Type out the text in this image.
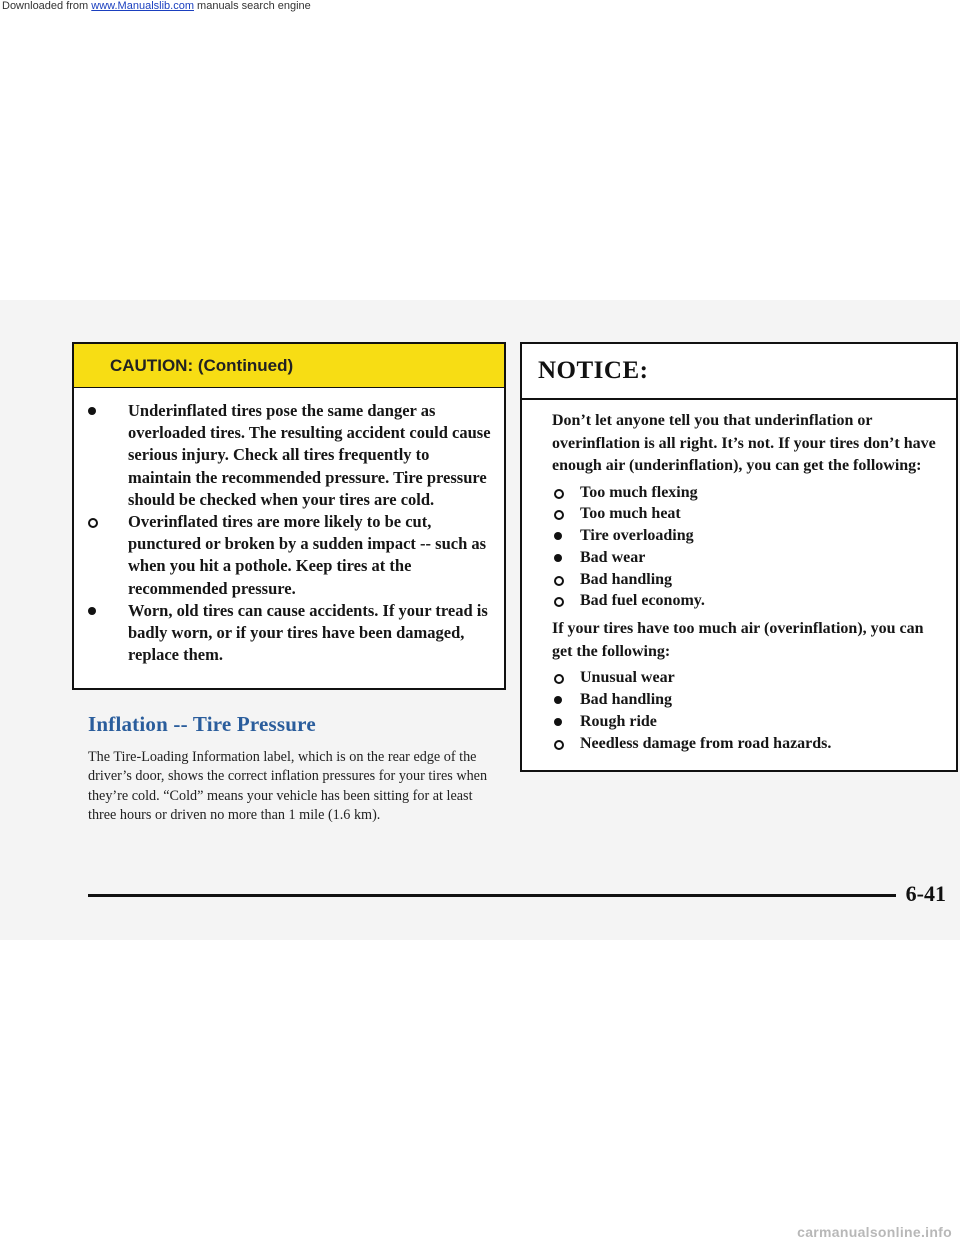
Downloaded from www.Manualslib.com manuals search engine
CAUTION: (Continued)
Underinflated tires pose the same danger as overloaded tires. The resulting accident could cause serious injury. Check all tires frequently to maintain the recommended pressure. Tire pressure should be checked when your tires are cold.
Overinflated tires are more likely to be cut, punctured or broken by a sudden impact -- such as when you hit a pothole. Keep tires at the recommended pressure.
Worn, old tires can cause accidents. If your tread is badly worn, or if your tires have been damaged, replace them.
Inflation -- Tire Pressure

The Tire-Loading Information label, which is on the rear edge of the driver’s door, shows the correct inflation pressures for your tires when they’re cold. “Cold” means your vehicle has been sitting for at least three hours or driven no more than 1 mile (1.6 km).

NOTICE:

Don’t let anyone tell you that underinflation or overinflation is all right. It’s not. If your tires don’t have enough air (underinflation), you can get the following:

Too much flexing
Too much heat
Tire overloading
Bad wear
Bad handling
Bad fuel economy.

If your tires have too much air (overinflation), you can get the following:

Unusual wear
Bad handling
Rough ride
Needless damage from road hazards.
6-41
carmanualsonline.info
